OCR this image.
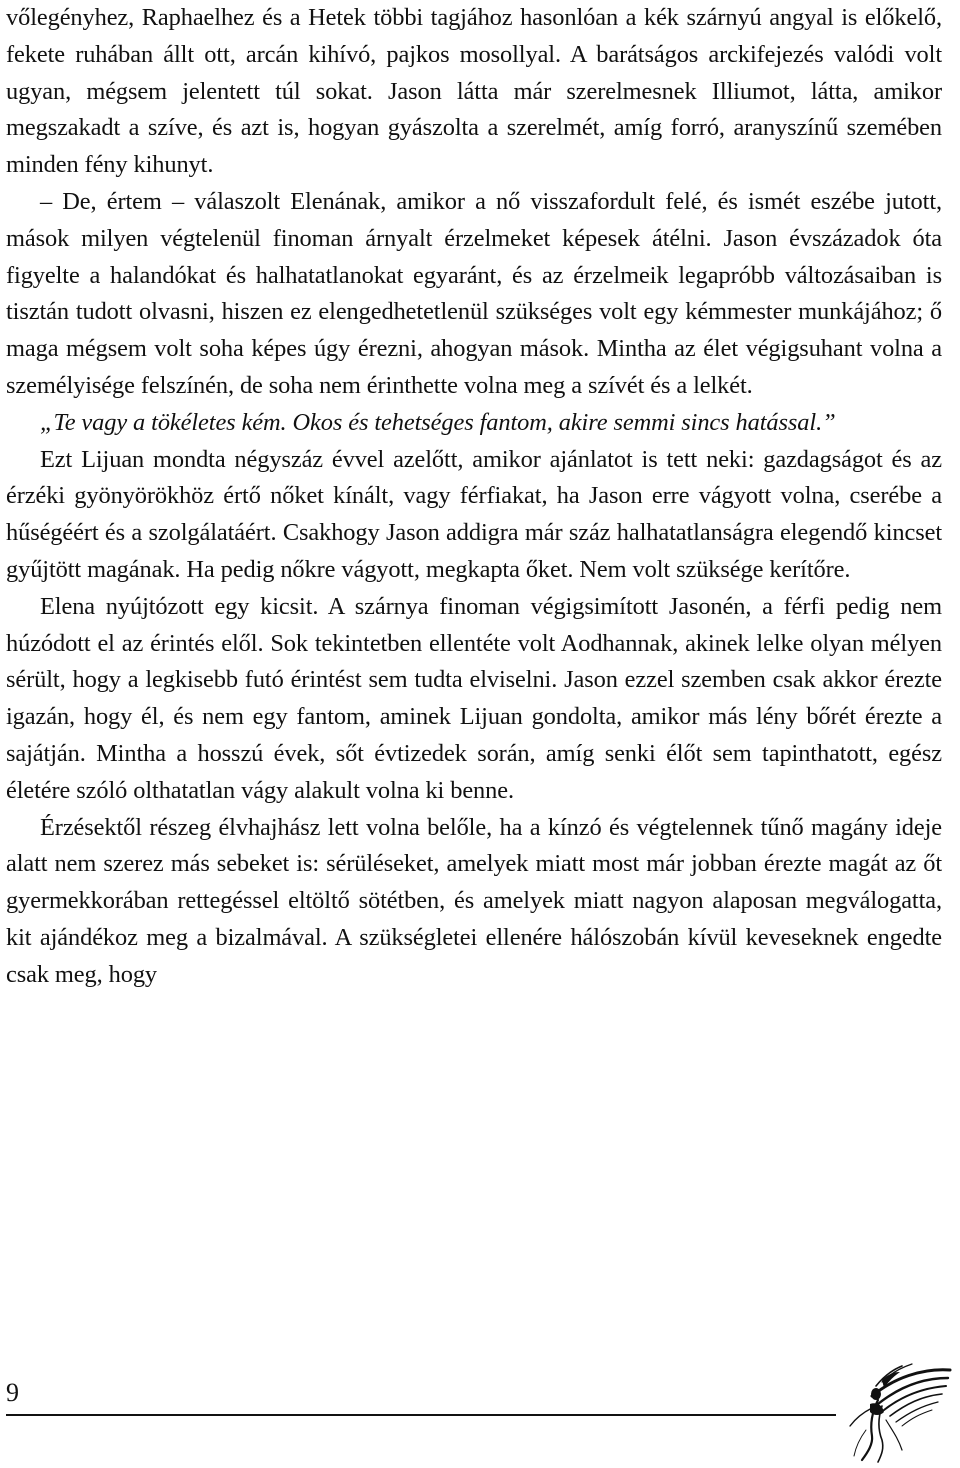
vőlegényhez, Raphaelhez és a Hetek többi tagjához hasonlóan a kék szárnyú angyal is előkelő, fekete ruhában állt ott, arcán kihívó, pajkos mosollyal. A barátságos arckifejezés valódi volt ugyan, mégsem jelentett túl sokat. Jason látta már szerelmesnek Illiumot, látta, amikor megszakadt a szíve, és azt is, hogyan gyászolta a szerelmét, amíg forró, aranyszínű szemében minden fény kihunyt.

– De, értem – válaszolt Elenának, amikor a nő visszafordult felé, és ismét eszébe jutott, mások milyen végtelenül finoman árnyalt érzelmeket képesek átélni. Jason évszázadok óta figyelte a halandókat és halhatatlanokat egyaránt, és az érzelmeik legapróbb változásaiban is tisztán tudott olvasni, hiszen ez elengedhetetlenül szükséges volt egy kémmester munkájához; ő maga mégsem volt soha képes úgy érezni, ahogyan mások. Mintha az élet végigsuhant volna a személyisége felszínén, de soha nem érinthette volna meg a szívét és a lelkét.

„Te vagy a tökéletes kém. Okos és tehetséges fantom, akire semmi sincs hatással.”

Ezt Lijuan mondta négyszáz évvel azelőtt, amikor ajánlatot is tett neki: gazdagságot és az érzéki gyönyörökhöz értő nőket kínált, vagy férfiakat, ha Jason erre vágyott volna, cserébe a hűségéért és a szolgálatáért. Csakhogy Jason addigra már száz halhatatlanságra elegendő kincset gyűjtött magának. Ha pedig nőkre vágyott, megkapta őket. Nem volt szüksége kerítőre.

Elena nyújtózott egy kicsit. A szárnya finoman végigsimított Jasonén, a férfi pedig nem húzódott el az érintés elől. Sok tekintetben ellentéte volt Aodhannak, akinek lelke olyan mélyen sérült, hogy a legkisebb futó érintést sem tudta elviselni. Jason ezzel szemben csak akkor érezte igazán, hogy él, és nem egy fantom, aminek Lijuan gondolta, amikor más lény bőrét érezte a sajátján. Mintha a hosszú évek, sőt évtizedek során, amíg senki élőt sem tapinthatott, egész életére szóló olthatatlan vágy alakult volna ki benne.

Érzésektől részeg élvhajhász lett volna belőle, ha a kínzó és végtelennek tűnő magány ideje alatt nem szerez más sebeket is: sérüléseket, amelyek miatt most már jobban érezte magát az őt gyermekkorában rettegéssel eltöltő sötétben, és amelyek miatt nagyon alaposan megválogatta, kit ajándékoz meg a bizalmával. A szükségletei ellenére hálószobán kívül keveseknek engedte csak meg, hogy

9
